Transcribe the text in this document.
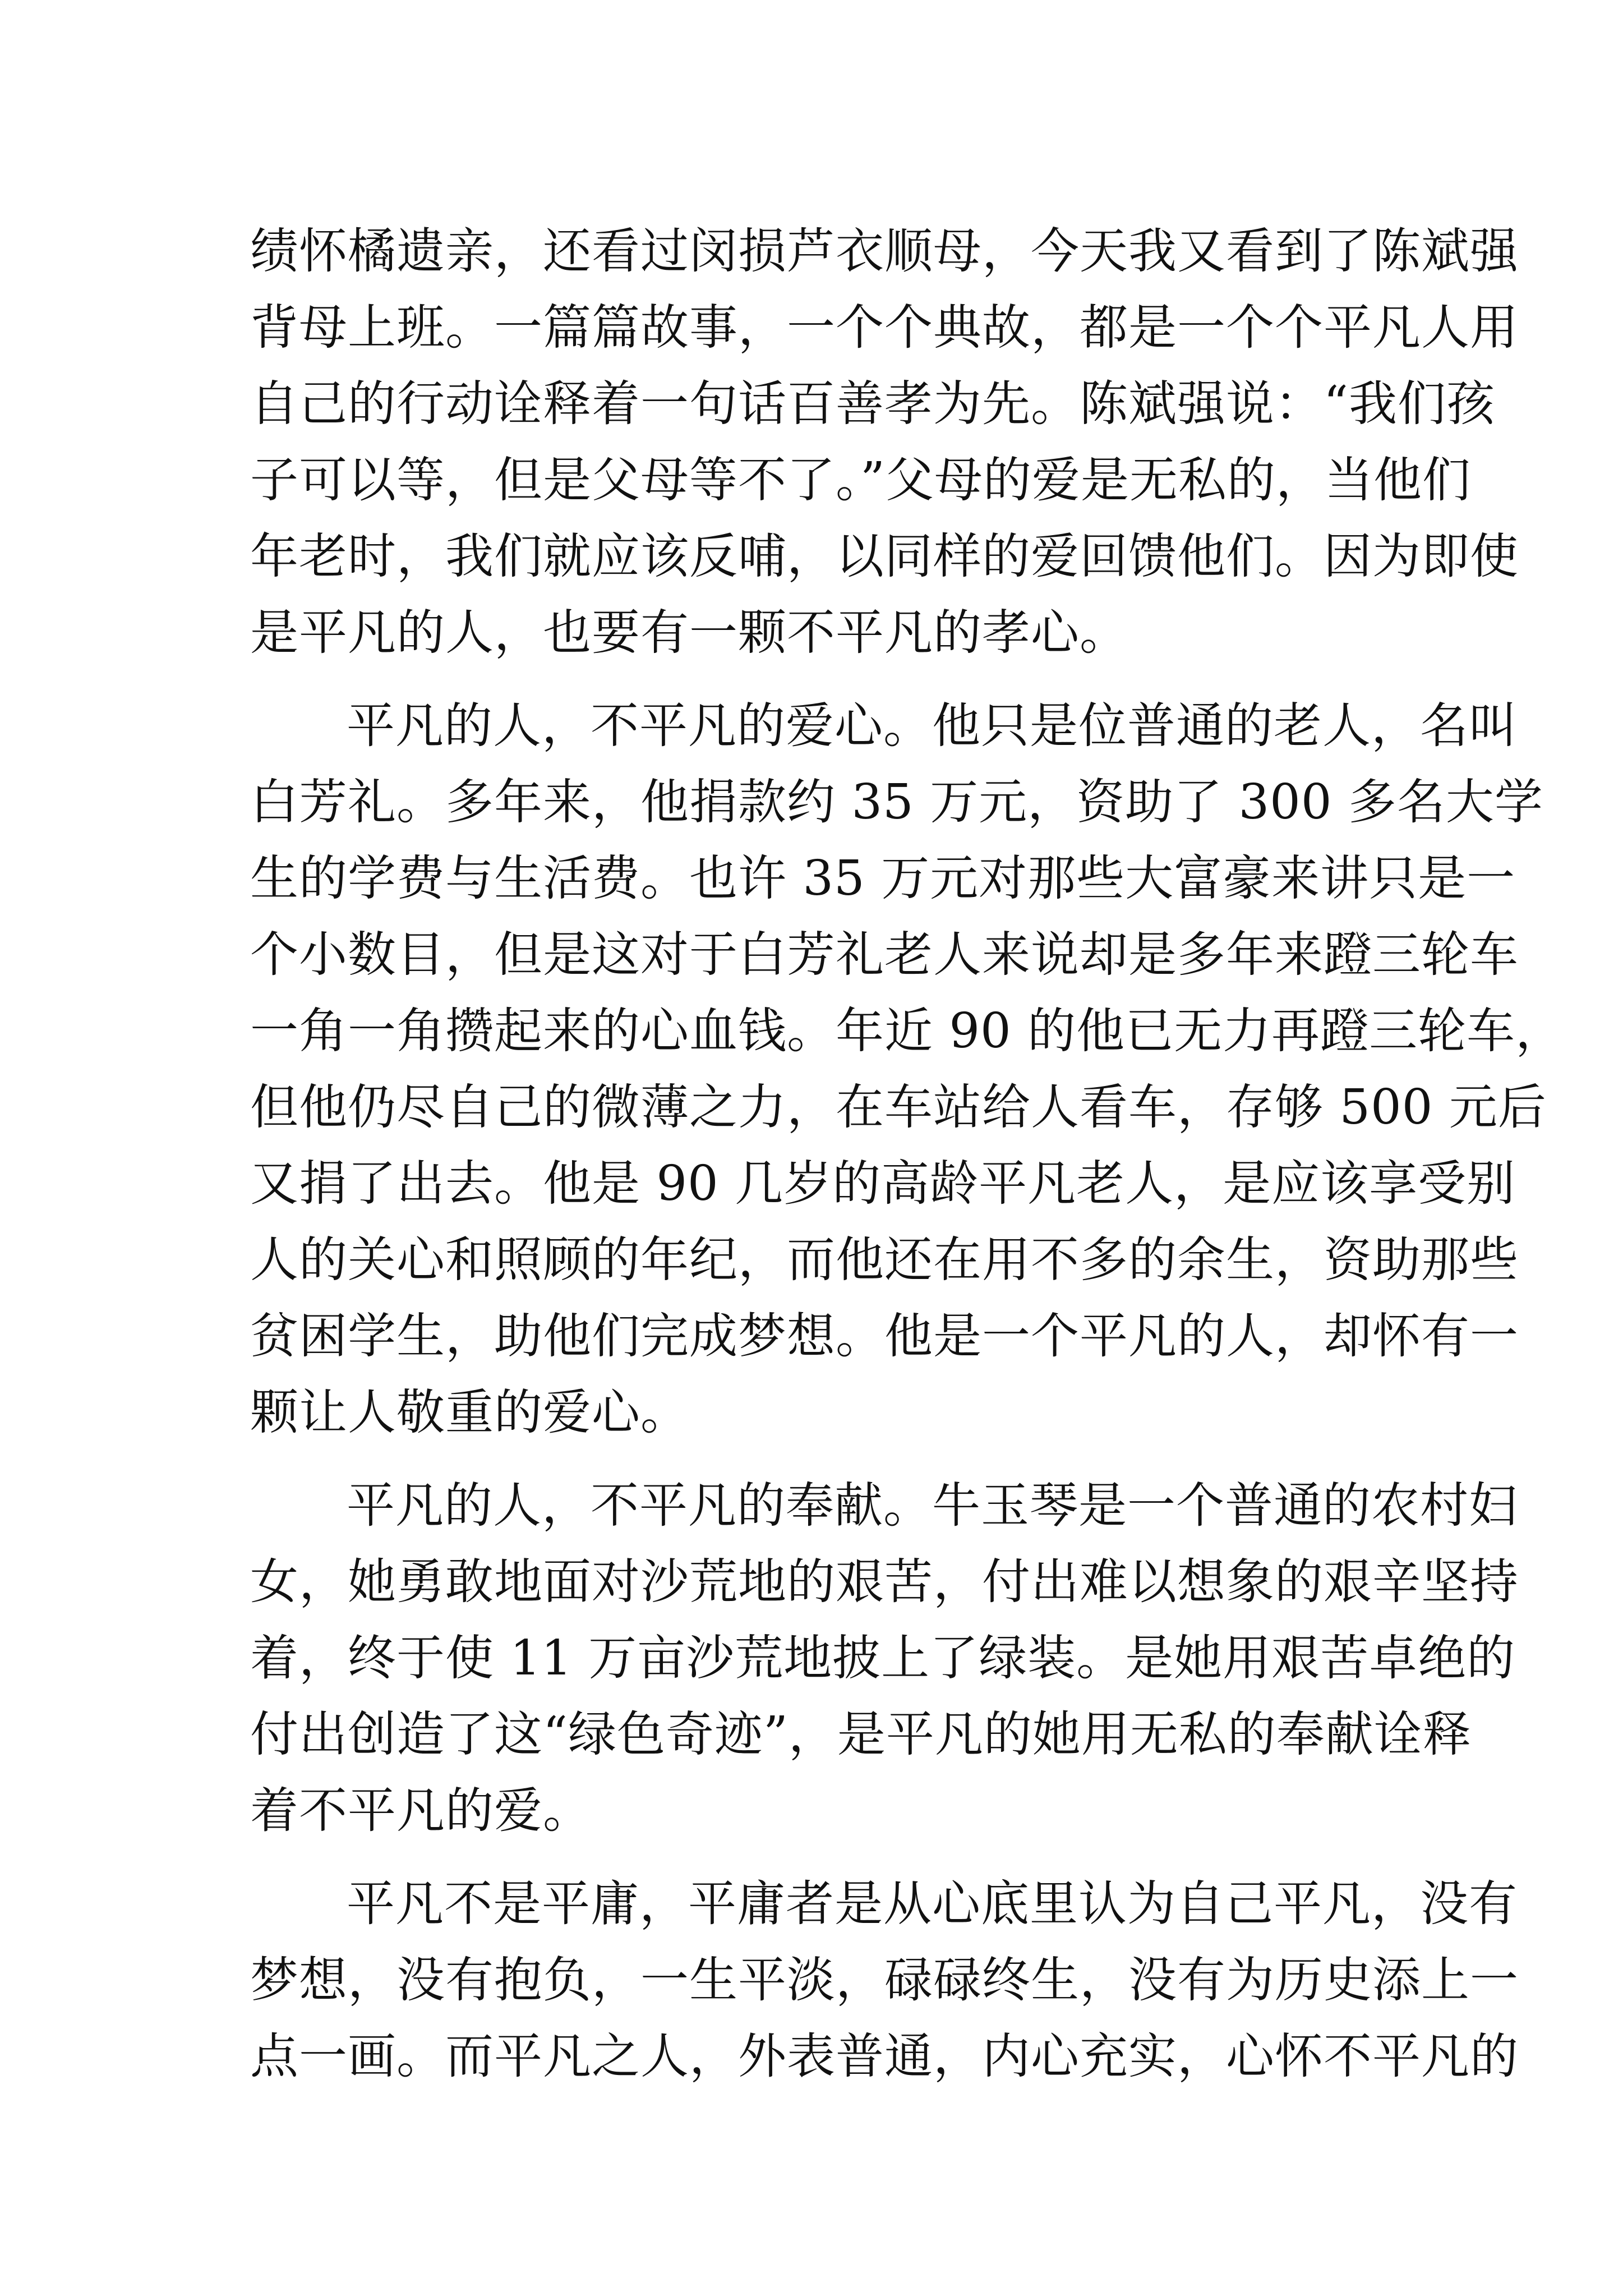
绩怀橘遗亲，还看过闵损芦衣顺母，今天我又看到了陈斌强
背母上班。一篇篇故事，一个个典故，都是一个个平凡人用
自己的行动诠释着一句话百善孝为先。陈斌强说：“我们孩
子可以等，但是父母等不了。”父母的爱是无私的，当他们
年老时，我们就应该反哺，以同样的爱回馈他们。因为即使
是平凡的人，也要有一颗不平凡的孝心。
平凡的人，不平凡的爱心。他只是位普通的老人，名叫
白芳礼。多年来，他捐款约 35 万元，资助了 300 多名大学
生的学费与生活费。也许 35 万元对那些大富豪来讲只是一
个小数目，但是这对于白芳礼老人来说却是多年来蹬三轮车
一角一角攒起来的心血钱。年近 90 的他已无力再蹬三轮车，
但他仍尽自己的微薄之力，在车站给人看车，存够 500 元后
又捐了出去。他是 90 几岁的高龄平凡老人，是应该享受别
人的关心和照顾的年纪，而他还在用不多的余生，资助那些
贫困学生，助他们完成梦想。他是一个平凡的人，却怀有一
颗让人敬重的爱心。
平凡的人，不平凡的奉献。牛玉琴是一个普通的农村妇
女，她勇敢地面对沙荒地的艰苦，付出难以想象的艰辛坚持
着，终于使 11 万亩沙荒地披上了绿装。是她用艰苦卓绝的
付出创造了这“绿色奇迹”，是平凡的她用无私的奉献诠释
着不平凡的爱。
平凡不是平庸，平庸者是从心底里认为自己平凡，没有
梦想，没有抱负，一生平淡，碌碌终生，没有为历史添上一
点一画。而平凡之人，外表普通，内心充实，心怀不平凡的
